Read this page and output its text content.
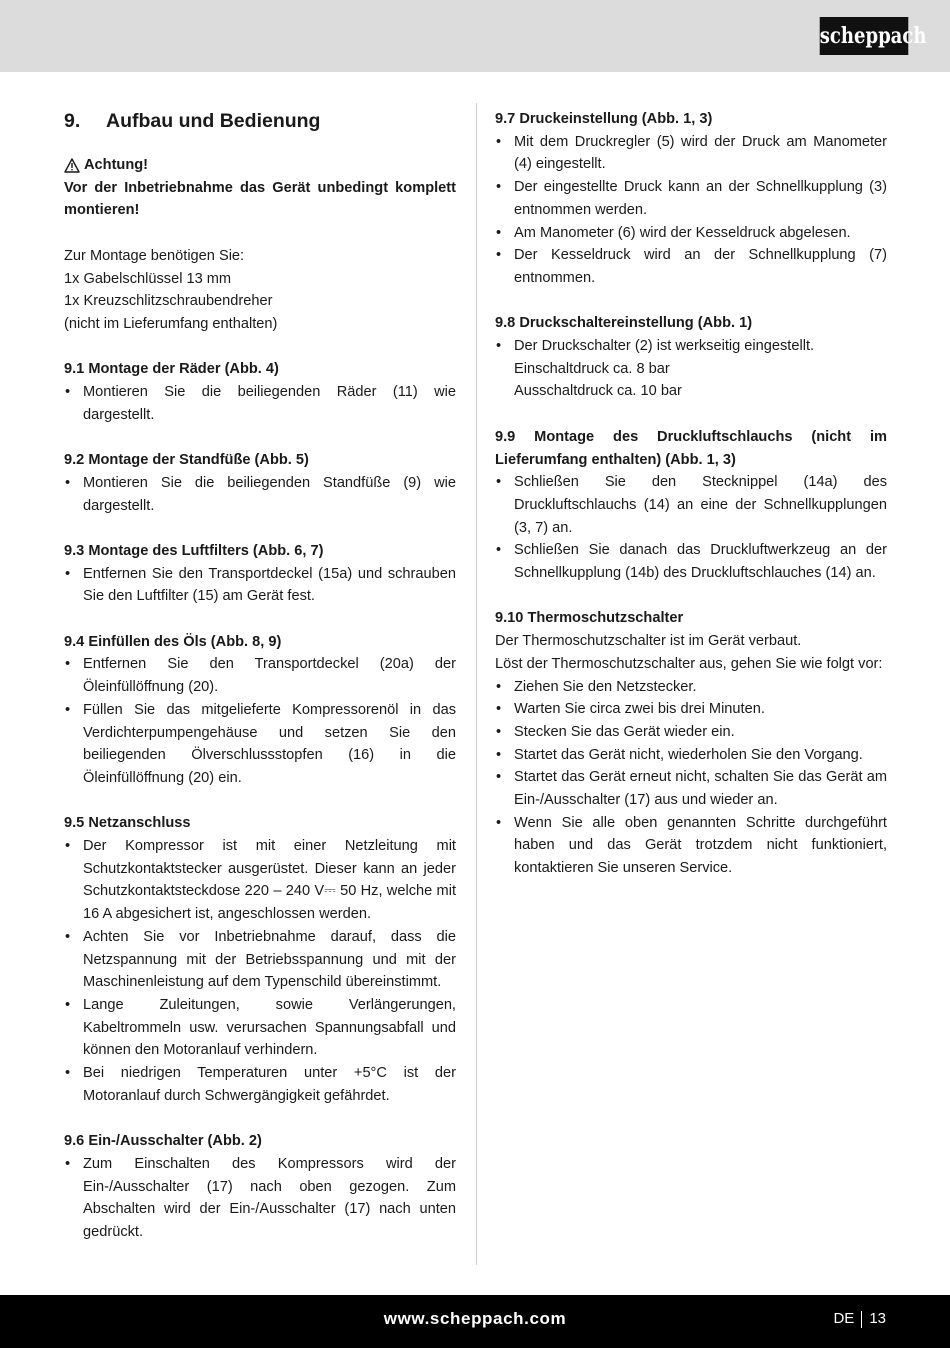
scheppach
9.	Aufbau und Bedienung
Achtung!
Vor der Inbetriebnahme das Gerät unbedingt komplett montieren!
Zur Montage benötigen Sie:
1x Gabelschlüssel 13 mm
1x Kreuzschlitzschraubendreher
(nicht im Lieferumfang enthalten)
9.1 Montage der Räder (Abb. 4)
• Montieren Sie die beiliegenden Räder (11) wie dargestellt.
9.2 Montage der Standfüße (Abb. 5)
• Montieren Sie die beiliegenden Standfüße (9) wie dargestellt.
9.3 Montage des Luftfilters (Abb. 6, 7)
• Entfernen Sie den Transportdeckel (15a) und schrauben Sie den Luftfilter (15) am Gerät fest.
9.4 Einfüllen des Öls (Abb. 8, 9)
• Entfernen Sie den Transportdeckel (20a) der Öleinfüllöffnung (20).
• Füllen Sie das mitgelieferte Kompressorenöl in das Verdichterpumpengehäuse und setzen Sie den beiliegenden Ölverschlussstopfen (16) in die Öleinfüllöffnung (20) ein.
9.5 Netzanschluss
• Der Kompressor ist mit einer Netzleitung mit Schutzkontaktstecker ausgerüstet. Dieser kann an jeder Schutzkontaktsteckdose 220 – 240 V⎓ 50 Hz, welche mit 16 A abgesichert ist, angeschlossen werden.
• Achten Sie vor Inbetriebnahme darauf, dass die Netzspannung mit der Betriebsspannung und mit der Maschinenleistung auf dem Typenschild übereinstimmt.
• Lange Zuleitungen, sowie Verlängerungen, Kabeltrommeln usw. verursachen Spannungsabfall und können den Motoranlauf verhindern.
• Bei niedrigen Temperaturen unter +5°C ist der Motoranlauf durch Schwergängigkeit gefährdet.
9.6 Ein-/Ausschalter (Abb. 2)
• Zum Einschalten des Kompressors wird der Ein-/Ausschalter (17) nach oben gezogen. Zum Abschalten wird der Ein-/Ausschalter (17) nach unten gedrückt.
9.7 Druckeinstellung (Abb. 1, 3)
• Mit dem Druckregler (5) wird der Druck am Manometer (4) eingestellt.
• Der eingestellte Druck kann an der Schnellkupplung (3) entnommen werden.
• Am Manometer (6) wird der Kesseldruck abgelesen.
• Der Kesseldruck wird an der Schnellkupplung (7) entnommen.
9.8 Druckschaltereinstellung (Abb. 1)
• Der Druckschalter (2) ist werkseitig eingestellt.
Einschaltdruck ca. 8 bar
Ausschaltdruck ca. 10 bar
9.9 Montage des Druckluftschlauchs (nicht im Lieferumfang enthalten) (Abb. 1, 3)
• Schließen Sie den Stecknippel (14a) des Druckluftschlauchs (14) an eine der Schnellkupplungen (3, 7) an.
• Schließen Sie danach das Druckluftwerkzeug an der Schnellkupplung (14b) des Druckluftschlauches (14) an.
9.10 Thermoschutzschalter
Der Thermoschutzschalter ist im Gerät verbaut.
Löst der Thermoschutzschalter aus, gehen Sie wie folgt vor:
• Ziehen Sie den Netzstecker.
• Warten Sie circa zwei bis drei Minuten.
• Stecken Sie das Gerät wieder ein.
• Startet das Gerät nicht, wiederholen Sie den Vorgang.
• Startet das Gerät erneut nicht, schalten Sie das Gerät am Ein-/Ausschalter (17) aus und wieder an.
• Wenn Sie alle oben genannten Schritte durchgeführt haben und das Gerät trotzdem nicht funktioniert, kontaktieren Sie unseren Service.
www.scheppach.com	DE 13
